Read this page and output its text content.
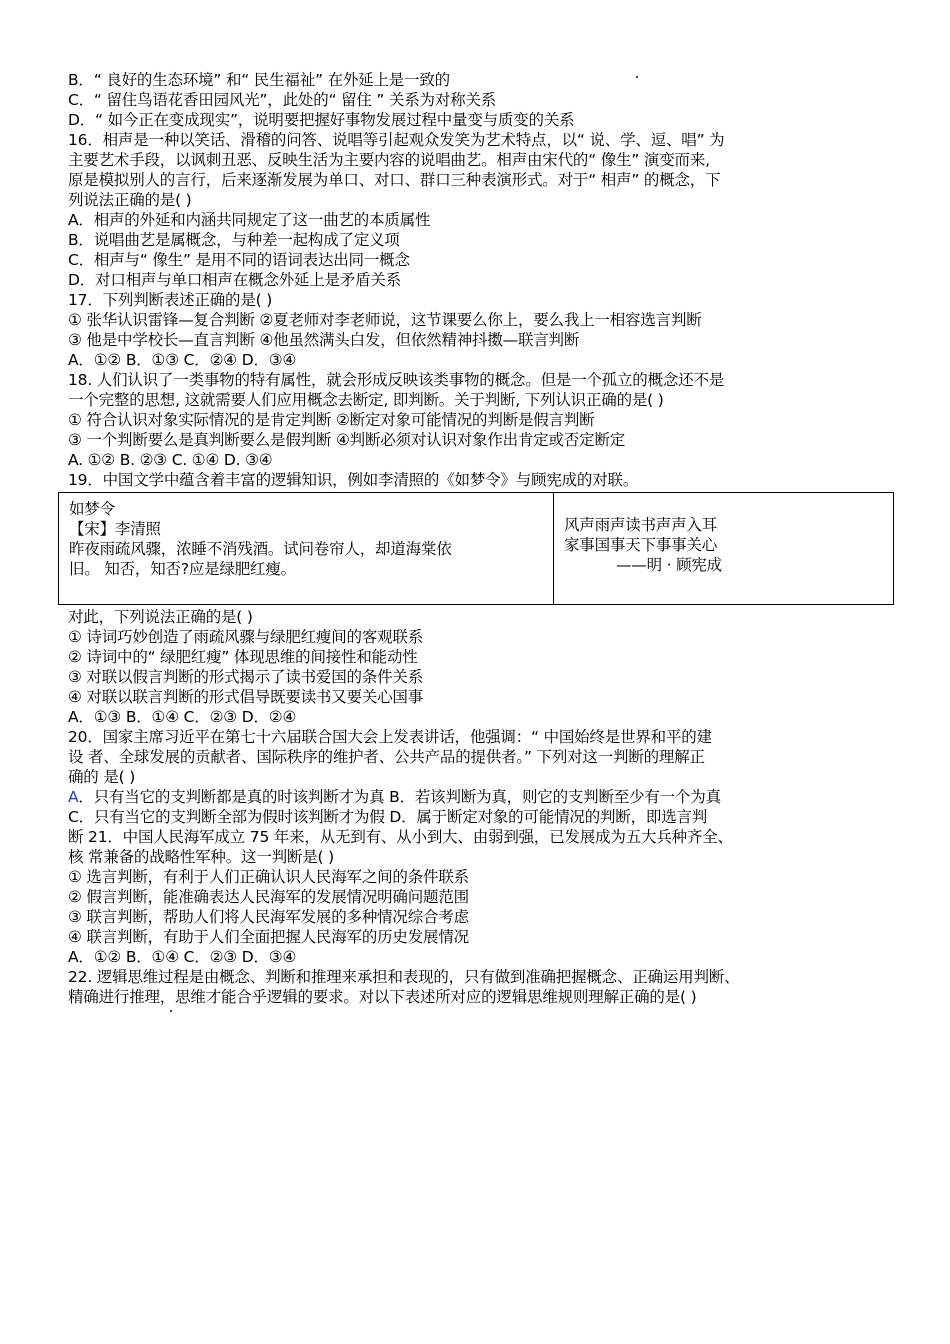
B．“ 良好的生态环境” 和“ 民生福祉” 在外延上是一致的
C．“ 留住鸟语花香田园风光”，此处的“ 留住 ” 关系为对称关系
D．“ 如今正在变成现实”，说明要把握好事物发展过程中量变与质变的关系
16．相声是一种以笑话、滑稽的问答、说唱等引起观众发笑为艺术特点，以“ 说、学、逗、唱” 为
主要艺术手段，以讽刺丑恶、反映生活为主要内容的说唱曲艺。相声由宋代的“ 像生” 演变而来,
原是模拟别人的言行，后来逐渐发展为单口、对口、群口三种表演形式。对于“ 相声” 的概念，下
列说法正确的是( )
A．相声的外延和内涵共同规定了这一曲艺的本质属性
B．说唱曲艺是属概念，与种差一起构成了定义项
C．相声与“ 像生” 是用不同的语词表达出同一概念
D．对口相声与单口相声在概念外延上是矛盾关系
17．下列判断表述正确的是( )
① 张华认识雷锋—复合判断 ②夏老师对李老师说，这节课要么你上，要么我上一相容选言判断
③ 他是中学校长—直言判断 ④他虽然满头白发，但依然精神抖擞—联言判断
A．①② B．①③ C．②④ D．③④
18. 人们认识了一类事物的特有属性，就会形成反映该类事物的概念。但是一个孤立的概念还不是
一个完整的思想, 这就需要人们应用概念去断定, 即判断。关于判断, 下列认识正确的是( )
① 符合认识对象实际情况的是肯定判断 ②断定对象可能情况的判断是假言判断
③ 一个判断要么是真判断要么是假判断 ④判断必须对认识对象作出肯定或否定断定
A. ①② B. ②③ C. ①④ D. ③④
19．中国文学中蕴含着丰富的逻辑知识，例如李清照的《如梦令》与顾宪成的对联。
如梦令
【宋】李清照
昨夜雨疏风骤，浓睡不消残酒。试问卷帘人，却道海棠依
旧。 知否，知否?应是绿肥红瘦。
风声雨声读书声声入耳
家事国事天下事事关心
——明 · 顾宪成
对此，下列说法正确的是( )
① 诗词巧妙创造了雨疏风骤与绿肥红瘦间的客观联系
② 诗词中的“ 绿肥红瘦” 体现思维的间接性和能动性
③ 对联以假言判断的形式揭示了读书爱国的条件关系
④ 对联以联言判断的形式倡导既要读书又要关心国事
A．①③ B．①④ C．②③ D．②④
20．国家主席习近平在第七十六届联合国大会上发表讲话，他强调：“ 中国始终是世界和平的建
设 者、全球发展的贡献者、国际秩序的维护者、公共产品的提供者。” 下列对这一判断的理解正
确的 是( )
A．只有当它的支判断都是真的时该判断才为真 B．若该判断为真，则它的支判断至少有一个为真
C．只有当它的支判断全部为假时该判断才为假 D．属于断定对象的可能情况的判断，即选言判
断 21．中国人民海军成立 75 年来，从无到有、从小到大、由弱到强，已发展成为五大兵种齐全、
核 常兼备的战略性军种。这一判断是( )
① 选言判断，有利于人们正确认识人民海军之间的条件联系
② 假言判断，能准确表达人民海军的发展情况明确问题范围
③ 联言判断，帮助人们将人民海军发展的多种情况综合考虑
④ 联言判断，有助于人们全面把握人民海军的历史发展情况
A．①② B．①④ C．②③ D．③④
22. 逻辑思维过程是由概念、判断和推理来承担和表现的，只有做到准确把握概念、正确运用判断、
精确进行推理，思维才能合乎逻辑的要求。对以下表述所对应的逻辑思维规则理解正确的是( )
